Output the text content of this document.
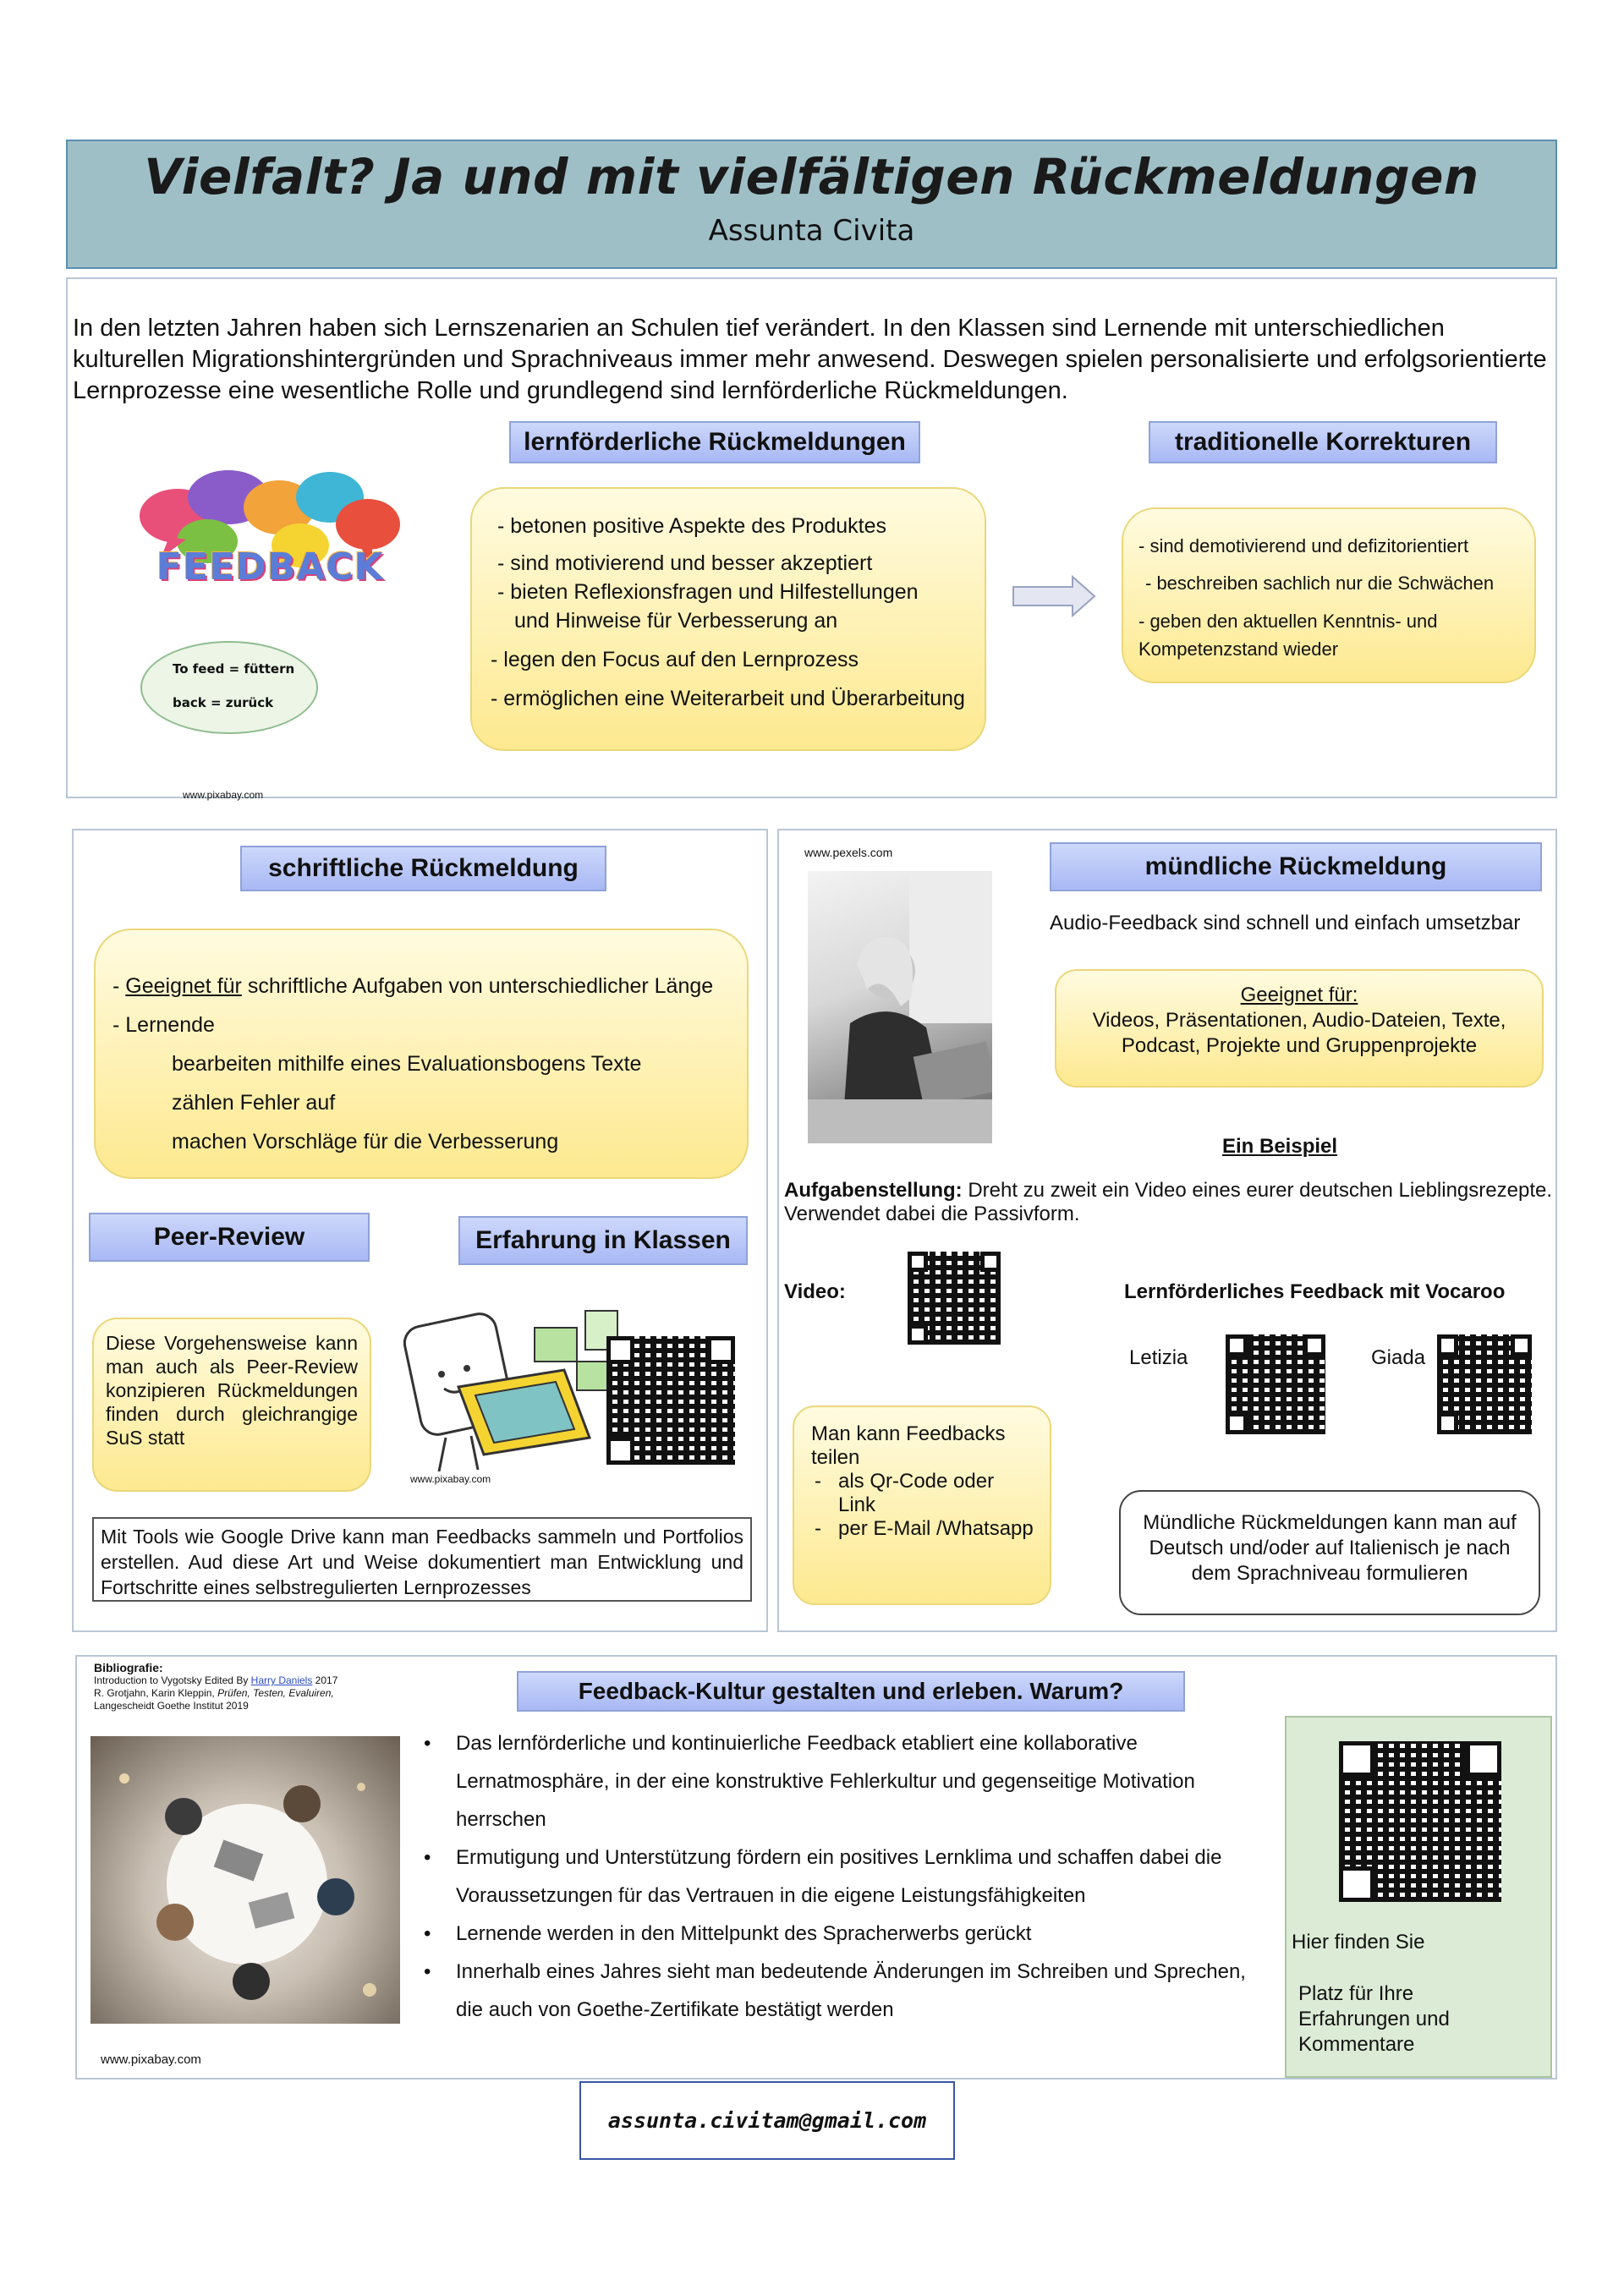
Vielfalt? Ja und mit vielfältigen Rückmeldungen
Assunta Civita
In den letzten Jahren haben sich Lernszenarien an Schulen tief verändert. In den Klassen sind Lernende mit unterschiedlichen kulturellen Migrationshintergründen und Sprachniveaus immer mehr anwesend. Deswegen spielen personalisierte und erfolgsorientierte Lernprozesse eine wesentliche Rolle und grundlegend sind lernförderliche Rückmeldungen.
FEEDBACK
To feed = füttern
back = zurück
www.pixabay.com
lernförderliche Rückmeldungen
- betonen positive Aspekte des Produktes
- sind motivierend und besser akzeptiert
- bieten Reflexionsfragen und Hilfestellungen
und Hinweise für Verbesserung an
- legen den Focus auf den Lernprozess
- ermöglichen eine Weiterarbeit und Überarbeitung
traditionelle Korrekturen
- sind demotivierend und defizitorientiert
- beschreiben sachlich nur die Schwächen
- geben den aktuellen Kenntnis- und Kompetenzstand wieder
schriftliche Rückmeldung
- Geeignet für schriftliche Aufgaben von unterschiedlicher Länge
- Lernende
bearbeiten mithilfe eines Evaluationsbogens Texte
zählen Fehler auf
machen Vorschläge für die Verbesserung
Peer-Review	Erfahrung in Klassen
Diese Vorgehensweise kann man auch als Peer-Review konzipieren Rückmeldungen finden durch gleichrangige SuS statt
www.pixabay.com
Mit Tools wie Google Drive kann man Feedbacks sammeln und Portfolios erstellen. Aud diese Art und Weise dokumentiert man Entwicklung und Fortschritte eines selbstregulierten Lernprozesses
www.pexels.com	mündliche Rückmeldung
Audio-Feedback sind schnell und einfach umsetzbar
Geeignet für:
Videos, Präsentationen, Audio-Dateien, Texte, Podcast, Projekte und Gruppenprojekte
Ein Beispiel
Aufgabenstellung: Dreht zu zweit ein Video eines eurer deutschen Lieblingsrezepte. Verwendet dabei die Passivform.
Video:	Lernförderliches Feedback mit Vocaroo
Letizia	Giada
Man kann Feedbacks teilen
- als Qr-Code oder Link
- per E-Mail /Whatsapp	Mündliche Rückmeldungen kann man auf Deutsch und/oder auf Italienisch je nach dem Sprachniveau formulieren
Bibliografie:
Introduction to Vygotsky Edited By Harry Daniels 2017
R. Grotjahn, Karin Kleppin, Prüfen, Testen, Evaluiren,
Langescheidt Goethe Institut 2019
www.pixabay.com
Feedback-Kultur gestalten und erleben. Warum?
• Das lernförderliche und kontinuierliche Feedback etabliert eine kollaborative Lernatmosphäre, in der eine konstruktive Fehlerkultur und gegenseitige Motivation herrschen
• Ermutigung und Unterstützung fördern ein positives Lernklima und schaffen dabei die Voraussetzungen für das Vertrauen in die eigene Leistungsfähigkeiten
• Lernende werden in den Mittelpunkt des Spracherwerbs gerückt
• Innerhalb eines Jahres sieht man bedeutende Änderungen im Schreiben und Sprechen, die auch von Goethe-Zertifikate bestätigt werden
Hier finden Sie
Platz für Ihre Erfahrungen und Kommentare
assunta.civitam@gmail.com
